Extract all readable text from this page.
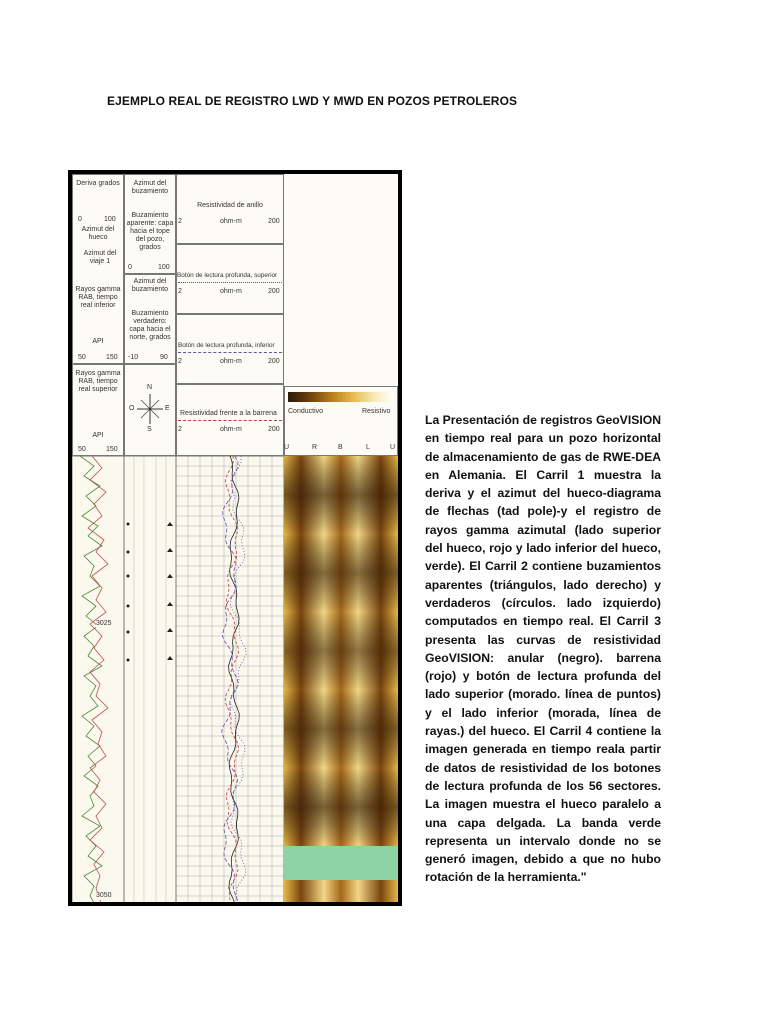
EJEMPLO REAL DE REGISTRO LWD Y MWD EN POZOS PETROLEROS
Deriva grados
0	100
Azimut del hueco
Azimut del viaje 1
Rayos gamma RAB, tiempo real inferior
API
50	150
Rayos gamma RAB, tiempo real superior
API
50	150
Azimut del buzamiento
Buzamiento aparente: capa hacia el tope del pozo, grados
0	100
Azimut del buzamiento
Buzamiento verdadero: capa hacia el norte, grados
-10	90
N
S
E
O
Resistividad de anillo
2	ohm-m	200
Botón de lectura profunda, superior
2	ohm-m	200
Botón de lectura profunda, inferior
2	ohm-m	200
Resistividad frente a la barrena
2	ohm-m	200
Conductivo	Resistivo
U	R	B	L	U
3025
3050
La Presentación de registros GeoVISION en tiempo real para un pozo horizontal de almacenamiento de gas de RWE-DEA en Alemania. El Carril 1 muestra la deriva y el azimut del hueco-diagrama de flechas (tad pole)-y el registro de rayos gamma azimutal (lado superior del hueco, rojo y lado inferior del hueco, verde). El Carril 2 contiene buzamientos aparentes (triángulos, lado derecho) y verdaderos (círculos. lado izquierdo) computados en tiempo real. El Carril 3 presenta las curvas de resistividad GeoVISION: anular (negro). barrena (rojo) y botón de lectura profunda del lado superior (morado. línea de puntos) y el lado inferior (morada, línea de rayas.) del hueco. El Carril 4 contiene la imagen generada en tiempo reala partir de datos de resistividad de los botones de lectura profunda de los 56 sectores. La imagen muestra el hueco paralelo a una capa delgada. La banda verde representa un intervalo donde no se generó imagen, debido a que no hubo rotación de la herramienta."
